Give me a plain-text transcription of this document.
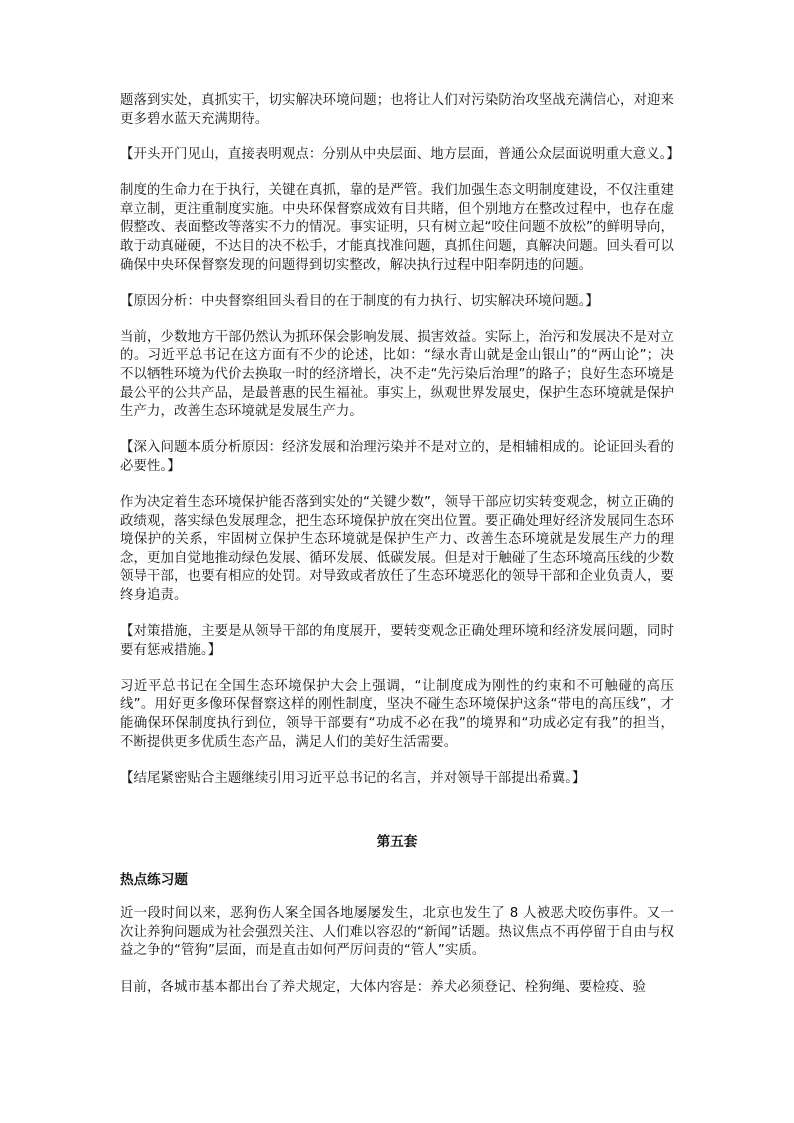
题落到实处，真抓实干，切实解决环境问题；也将让人们对污染防治攻坚战充满信心，对迎来更多碧水蓝天充满期待。

【开头开门见山，直接表明观点：分别从中央层面、地方层面，普通公众层面说明重大意义。】

制度的生命力在于执行，关键在真抓，靠的是严管。我们加强生态文明制度建设，不仅注重建章立制，更注重制度实施。中央环保督察成效有目共睹，但个别地方在整改过程中，也存在虚假整改、表面整改等落实不力的情况。事实证明，只有树立起“咬住问题不放松”的鲜明导向，敢于动真碰硬，不达目的决不松手，才能真找准问题，真抓住问题，真解决问题。回头看可以确保中央环保督察发现的问题得到切实整改，解决执行过程中阳奉阴违的问题。

【原因分析：中央督察组回头看目的在于制度的有力执行、切实解决环境问题。】

当前，少数地方干部仍然认为抓环保会影响发展、损害效益。实际上，治污和发展决不是对立的。习近平总书记在这方面有不少的论述，比如：“绿水青山就是金山银山”的“两山论”；决不以牺牲环境为代价去换取一时的经济增长，决不走“先污染后治理”的路子；良好生态环境是最公平的公共产品，是最普惠的民生福祉。事实上，纵观世界发展史，保护生态环境就是保护生产力，改善生态环境就是发展生产力。

【深入问题本质分析原因：经济发展和治理污染并不是对立的，是相辅相成的。论证回头看的必要性。】

作为决定着生态环境保护能否落到实处的“关键少数”，领导干部应切实转变观念，树立正确的政绩观，落实绿色发展理念，把生态环境保护放在突出位置。要正确处理好经济发展同生态环境保护的关系，牢固树立保护生态环境就是保护生产力、改善生态环境就是发展生产力的理念，更加自觉地推动绿色发展、循环发展、低碳发展。但是对于触碰了生态环境高压线的少数领导干部，也要有相应的处罚。对导致或者放任了生态环境恶化的领导干部和企业负责人，要终身追责。

【对策措施，主要是从领导干部的角度展开，要转变观念正确处理环境和经济发展问题，同时要有惩戒措施。】

习近平总书记在全国生态环境保护大会上强调，“让制度成为刚性的约束和不可触碰的高压线”。用好更多像环保督察这样的刚性制度，坚决不碰生态环境保护这条“带电的高压线”，才能确保环保制度执行到位，领导干部要有“功成不必在我”的境界和“功成必定有我”的担当，不断提供更多优质生态产品，满足人们的美好生活需要。

【结尾紧密贴合主题继续引用习近平总书记的名言，并对领导干部提出希冀。】

第五套
热点练习题

近一段时间以来，恶狗伤人案全国各地屡屡发生，北京也发生了 8 人被恶犬咬伤事件。又一次让养狗问题成为社会强烈关注、人们难以容忍的“新闻”话题。热议焦点不再停留于自由与权益之争的“管狗”层面，而是直击如何严厉问责的“管人”实质。

目前，各城市基本都出台了养犬规定，大体内容是：养犬必须登记、栓狗绳、要检疫、验
